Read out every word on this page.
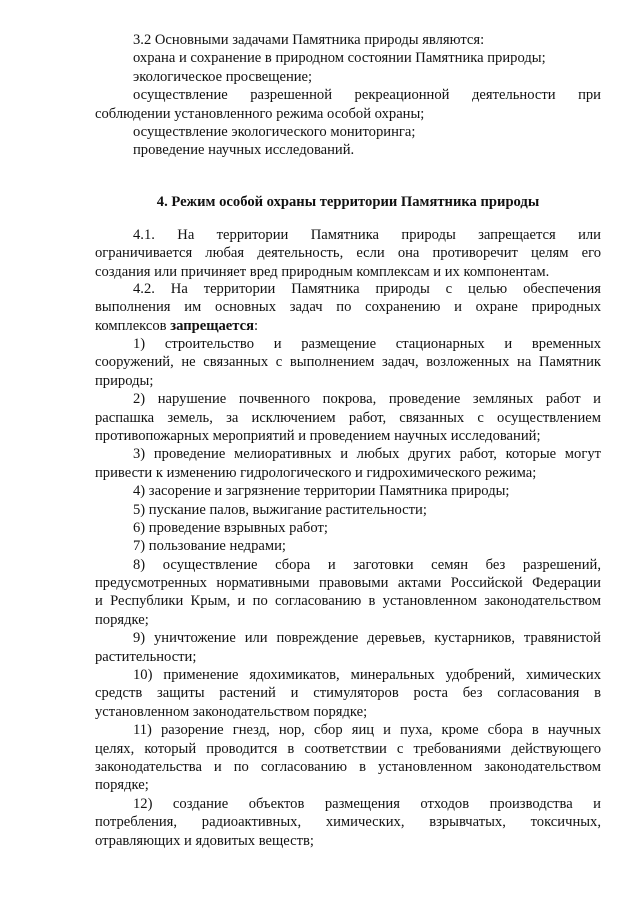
3.2 Основными задачами Памятника природы являются:
охрана и сохранение в природном состоянии Памятника природы;
экологическое просвещение;
осуществление разрешенной рекреационной деятельности при
соблюдении установленного режима особой охраны;
осуществление экологического мониторинга;
проведение научных исследований.
4. Режим особой охраны территории Памятника природы
4.1. На территории Памятника природы запрещается или
ограничивается любая деятельность, если она противоречит целям его
создания или причиняет вред природным комплексам и их компонентам.
4.2. На территории Памятника природы с целью обеспечения
выполнения им основных задач по сохранению и охране природных
комплексов запрещается:
1) строительство и размещение стационарных и временных
сооружений, не связанных с выполнением задач, возложенных на Памятник
природы;
2) нарушение почвенного покрова, проведение земляных работ и
распашка земель, за исключением работ, связанных с осуществлением
противопожарных мероприятий и проведением научных исследований;
3) проведение мелиоративных и любых других работ, которые могут
привести к изменению гидрологического и гидрохимического режима;
4) засорение и загрязнение территории Памятника природы;
5) пускание палов, выжигание растительности;
6) проведение взрывных работ;
7) пользование недрами;
8) осуществление сбора и заготовки семян без разрешений,
предусмотренных нормативными правовыми актами Российской Федерации
и Республики Крым, и по согласованию в установленном законодательством
порядке;
9) уничтожение или повреждение деревьев, кустарников, травянистой
растительности;
10) применение ядохимикатов, минеральных удобрений, химических
средств защиты растений и стимуляторов роста без согласования в
установленном законодательством порядке;
11) разорение гнезд, нор, сбор яиц и пуха, кроме сбора в научных
целях, который проводится в соответствии с требованиями действующего
законодательства и по согласованию в установленном законодательством
порядке;
12) создание объектов размещения отходов производства и
потребления, радиоактивных, химических, взрывчатых, токсичных,
отравляющих и ядовитых веществ;
